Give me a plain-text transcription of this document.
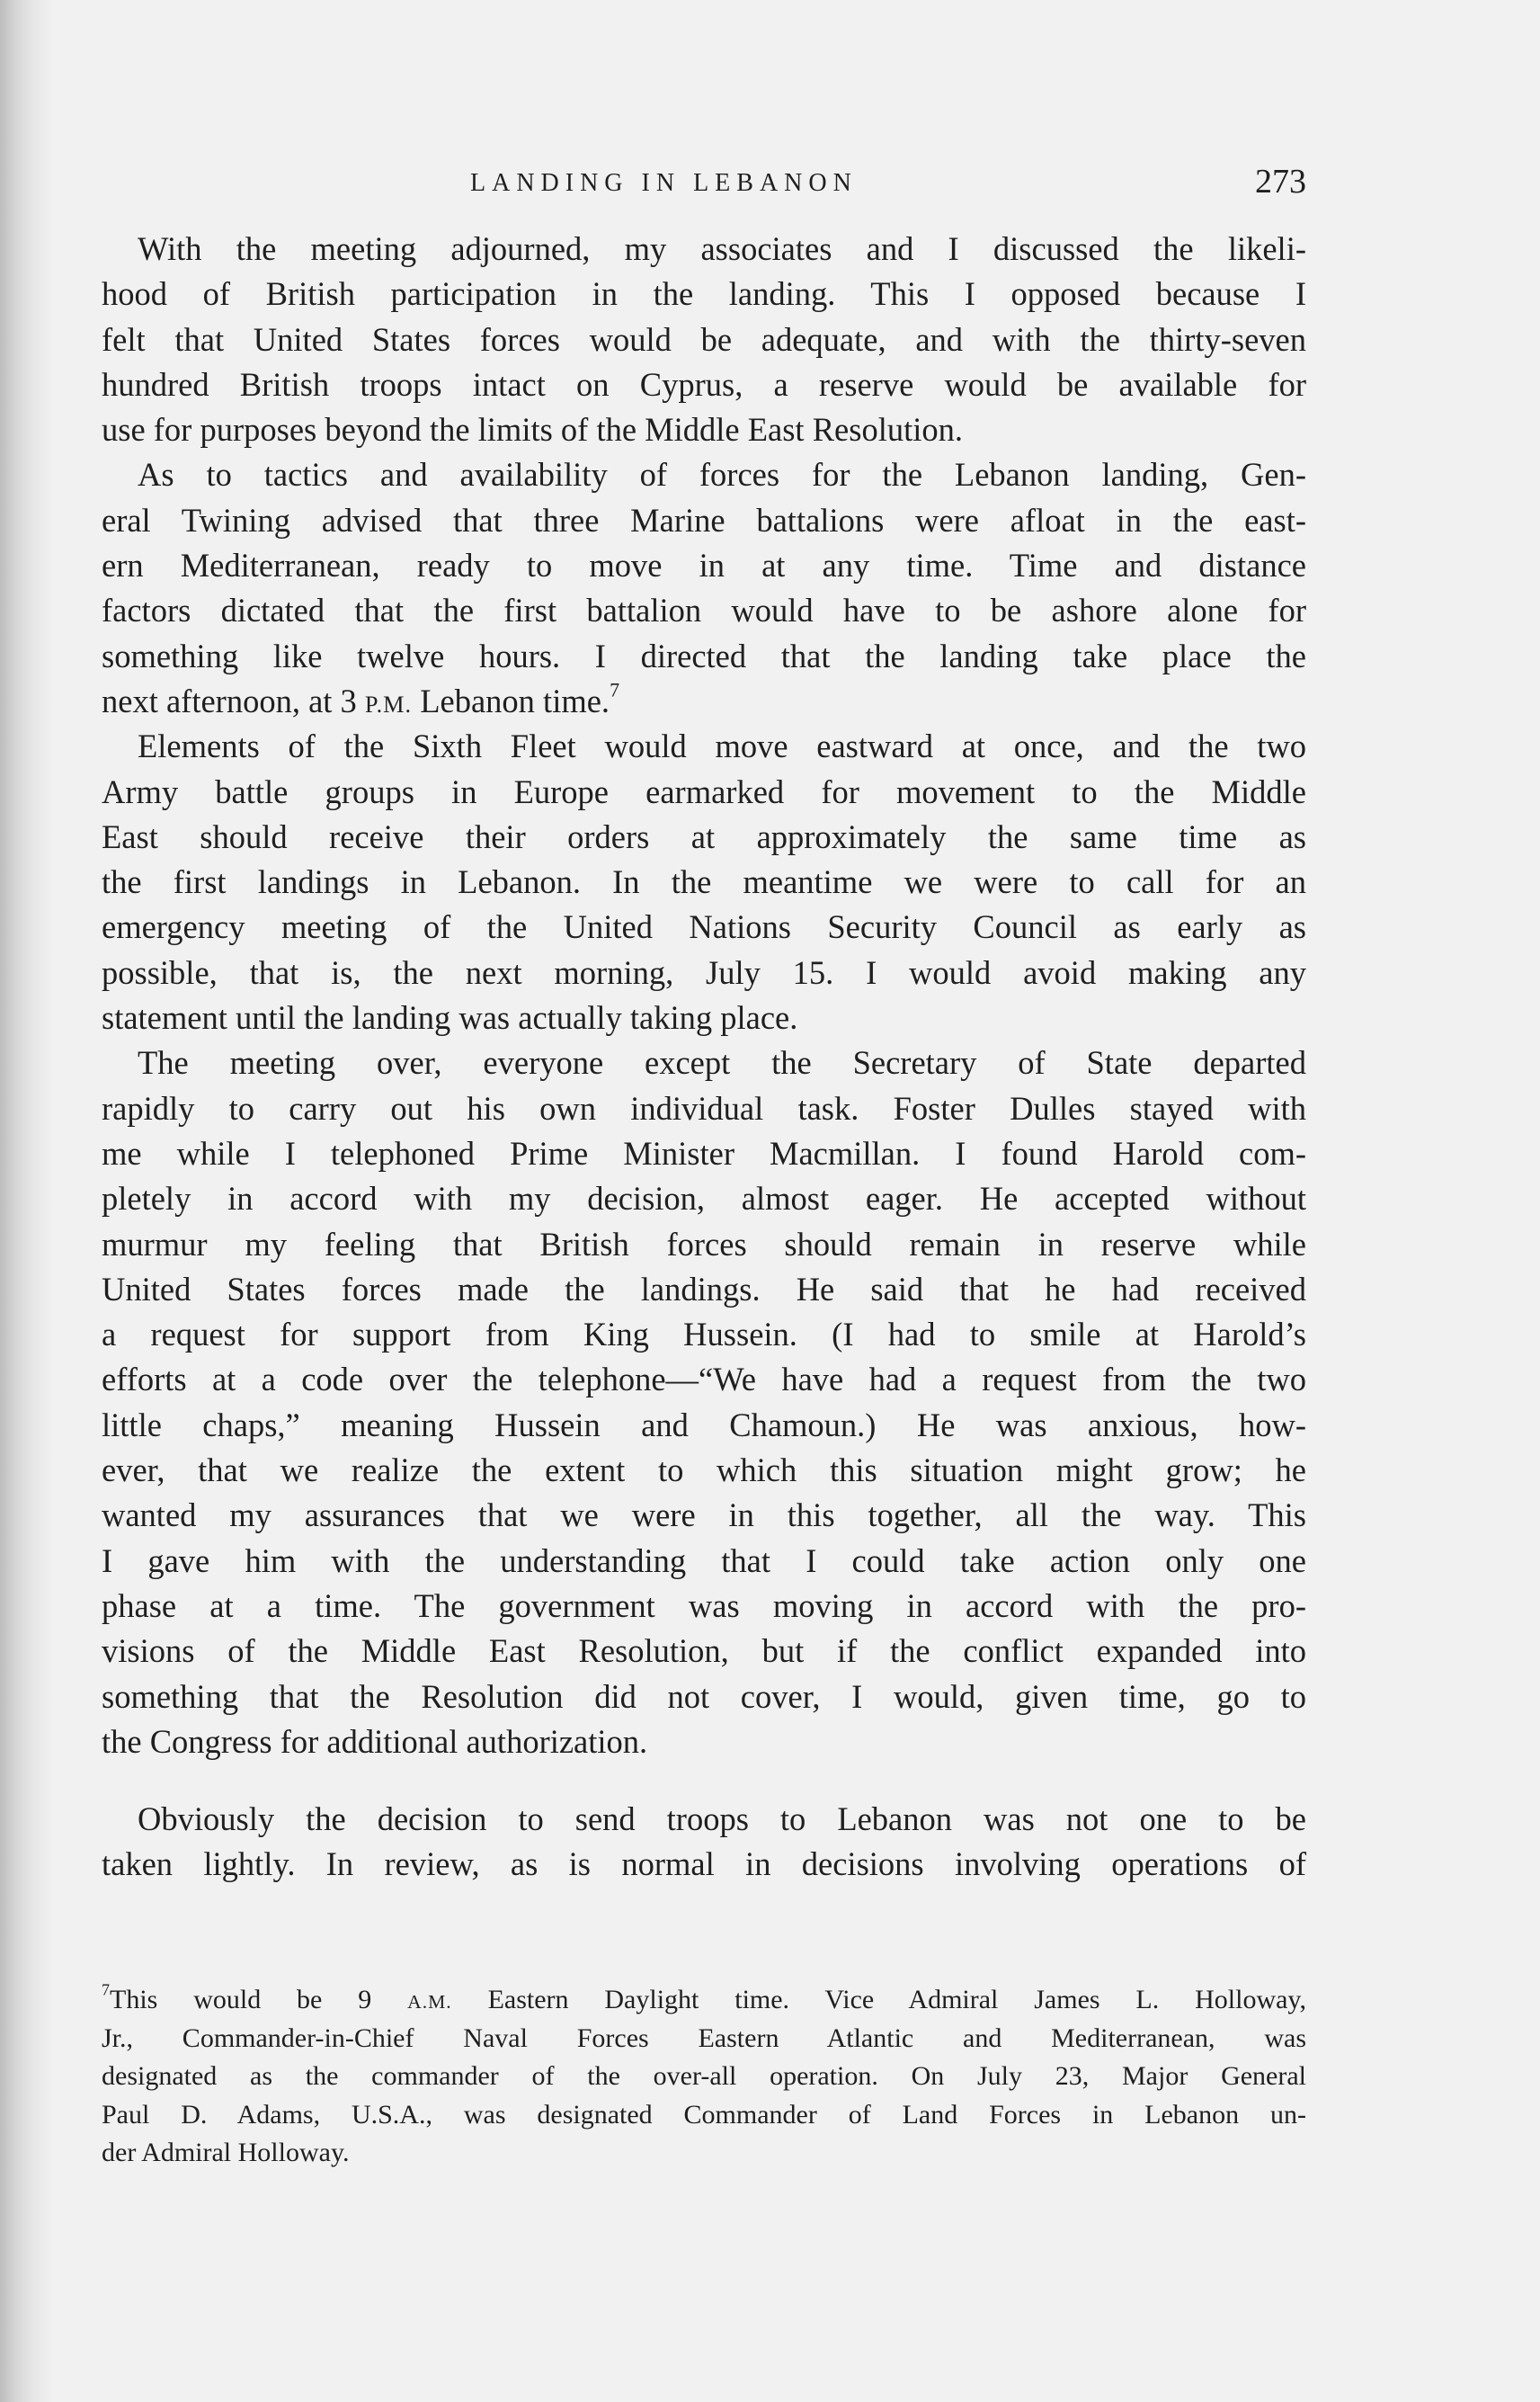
LANDING IN LEBANON	273
With the meeting adjourned, my associates and I discussed the likeli-
hood of British participation in the landing. This I opposed because I
felt that United States forces would be adequate, and with the thirty-seven
hundred British troops intact on Cyprus, a reserve would be available for
use for purposes beyond the limits of the Middle East Resolution.
As to tactics and availability of forces for the Lebanon landing, Gen-
eral Twining advised that three Marine battalions were afloat in the east-
ern Mediterranean, ready to move in at any time. Time and distance
factors dictated that the first battalion would have to be ashore alone for
something like twelve hours. I directed that the landing take place the
next afternoon, at 3 P.M. Lebanon time.$^7$
Elements of the Sixth Fleet would move eastward at once, and the two
Army battle groups in Europe earmarked for movement to the Middle
East should receive their orders at approximately the same time as
the first landings in Lebanon. In the meantime we were to call for an
emergency meeting of the United Nations Security Council as early as
possible, that is, the next morning, July 15. I would avoid making any
statement until the landing was actually taking place.
The meeting over, everyone except the Secretary of State departed
rapidly to carry out his own individual task. Foster Dulles stayed with
me while I telephoned Prime Minister Macmillan. I found Harold com-
pletely in accord with my decision, almost eager. He accepted without
murmur my feeling that British forces should remain in reserve while
United States forces made the landings. He said that he had received
a request for support from King Hussein. (I had to smile at Harold’s
efforts at a code over the telephone—“We have had a request from the two
little chaps,” meaning Hussein and Chamoun.) He was anxious, how-
ever, that we realize the extent to which this situation might grow; he
wanted my assurances that we were in this together, all the way. This
I gave him with the understanding that I could take action only one
phase at a time. The government was moving in accord with the pro-
visions of the Middle East Resolution, but if the conflict expanded into
something that the Resolution did not cover, I would, given time, go to
the Congress for additional authorization.
Obviously the decision to send troops to Lebanon was not one to be
taken lightly. In review, as is normal in decisions involving operations of
$^7$This would be 9 A.M. Eastern Daylight time. Vice Admiral James L. Holloway,
Jr., Commander-in-Chief Naval Forces Eastern Atlantic and Mediterranean, was
designated as the commander of the over-all operation. On July 23, Major General
Paul D. Adams, U.S.A., was designated Commander of Land Forces in Lebanon un-
der Admiral Holloway.
